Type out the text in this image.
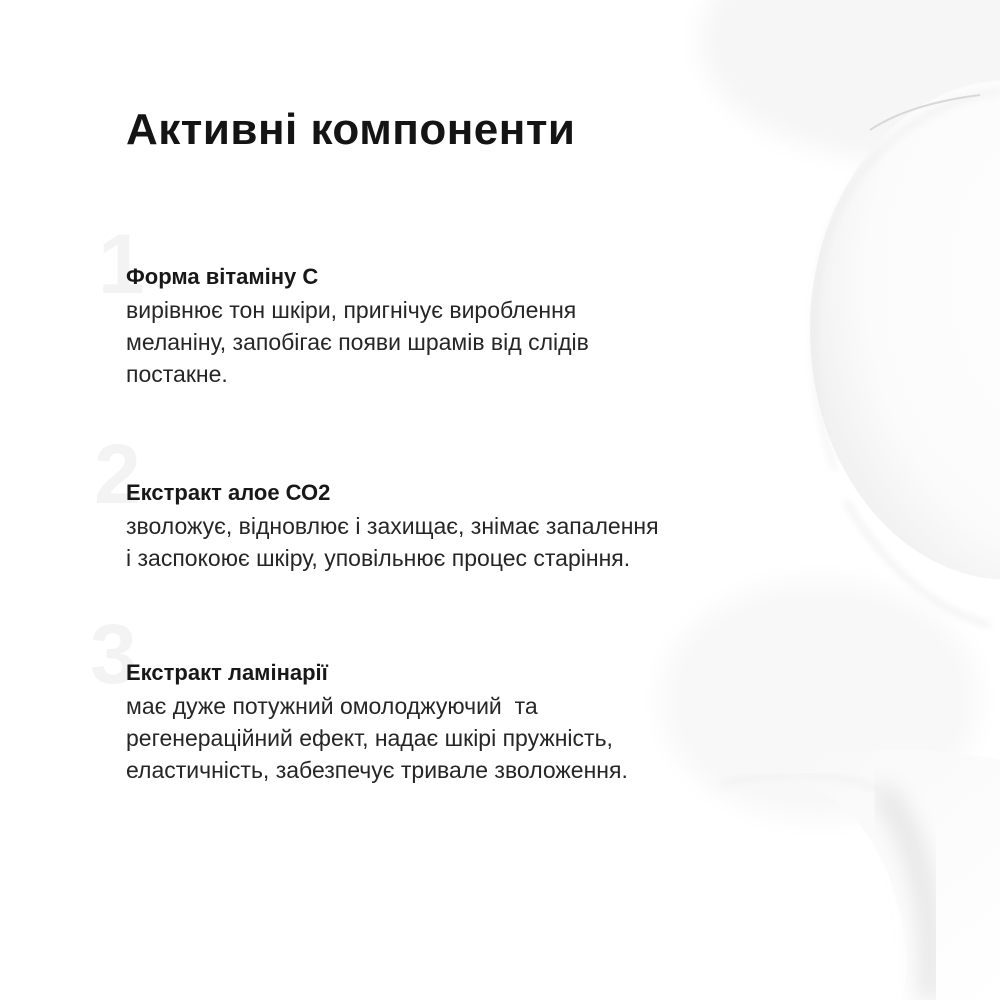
Активні компоненти
1
2
3
Форма вітаміну С

вирівнює тон шкіри, пригнічує вироблення
меланіну, запобігає появи шрамів від слідів
постакне.

Екстракт алое СО2

зволожує, відновлює і захищає, знімає запалення
і заспокоює шкіру, уповільнює процес старіння.

Екстракт ламінарії

має дуже потужний омолоджуючий  та
регенераційний ефект, надає шкірі пружність,
еластичність, забезпечує тривале зволоження.
